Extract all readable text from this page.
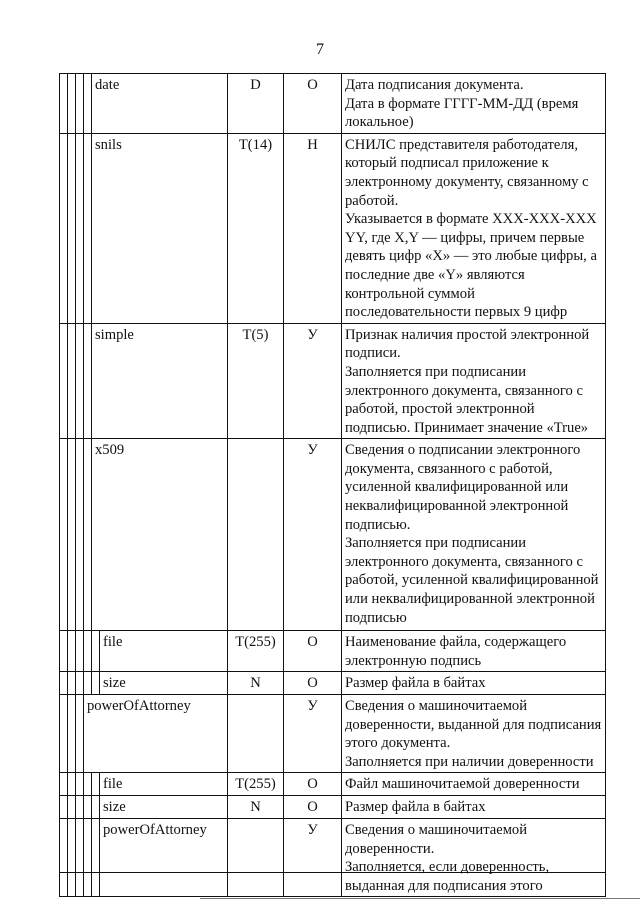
7
				date		D	О	Дата подписания документа.
Дата в формате ГГГГ-ММ-ДД (время локальное)

				snils		T(14)	Н	СНИЛС представителя работодателя, который подписал приложение к электронному документу, связанному с работой.
Указывается в формате XXX-XXX-XXX YY, где X,Y — цифры, причем первые девять цифр «X» — это любые цифры, а последние две «Y» являются контрольной суммой последовательности первых 9 цифр

				simple		T(5)	У	Признак наличия простой электронной подписи.
Заполняется при подписании электронного документа, связанного с работой, простой электронной подписью. Принимает значение «True»

				x509			У	Сведения о подписании электронного документа, связанного с работой, усиленной квалифицированной или неквалифицированной электронной подписью.
Заполняется при подписании электронного документа, связанного с работой, усиленной квалифицированной или неквалифицированной электронной подписью

					file	T(255)	О	Наименование файла, содержащего электронную подпись

					size	N	О	Размер файла в байтах

			powerOfAttorney				У	Сведения о машиночитаемой доверенности, выданной для подписания этого документа.
Заполняется при наличии доверенности

					file	T(255)	О	Файл машиночитаемой доверенности

					size	N	О	Размер файла в байтах

					powerOfAttorney		У	Сведения о машиночитаемой доверенности.
Заполняется, если доверенность, выданная для подписания этого
